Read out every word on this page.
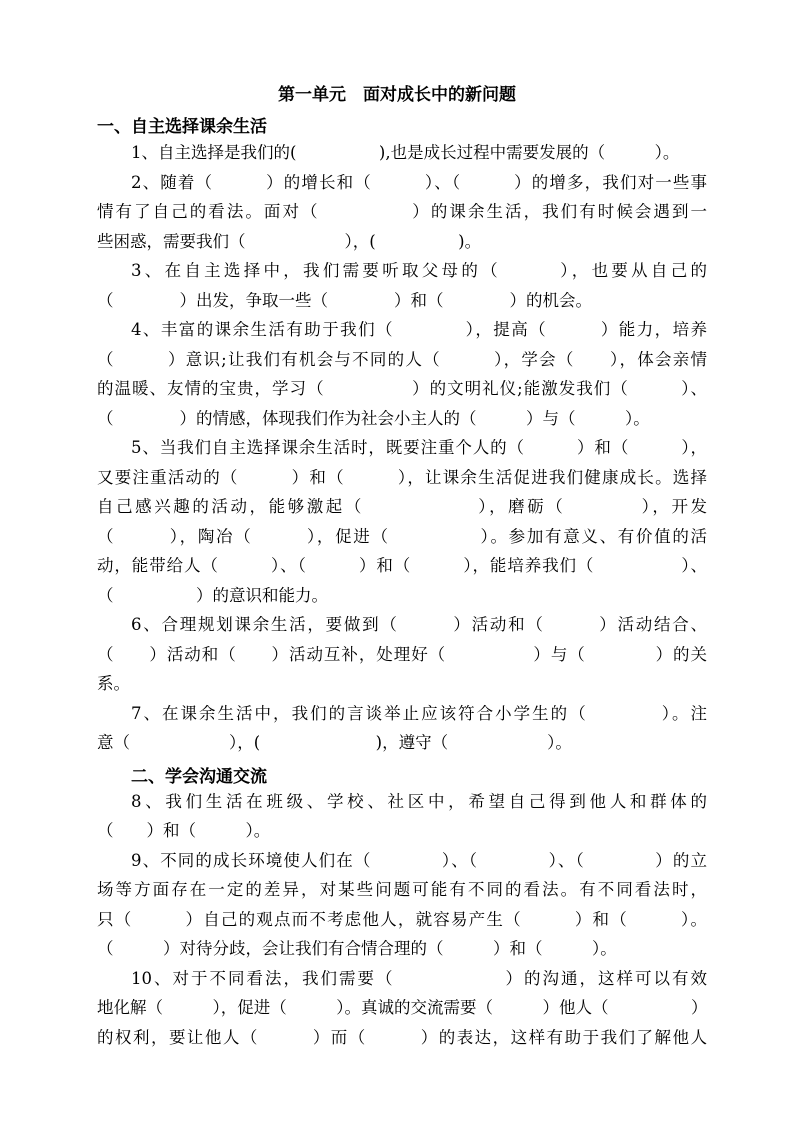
第一单元　面对成长中的新问题
一、自主选择课余生活
1、自主选择是我们的(　　　　　),也是成长过程中需要发展的（　　　）。
2、随着（　　　）的增长和（　　　）、（　　　）的增多，我们对一些事
情有了自己的看法。面对（　　　　　）的课余生活，我们有时候会遇到一
些困惑，需要我们（　　　　　　），(　　　　　)。
3、在自主选择中，我们需要听取父母的（　　　），也要从自己的
（　　　　）出发，争取一些（　　　　）和（　　　　）的机会。
4、丰富的课余生活有助于我们（　　　　），提高（　　　）能力，培养
（　　　）意识;让我们有机会与不同的人（　　　），学会（　　），体会亲情
的温暖、友情的宝贵，学习（　　　　　）的文明礼仪;能激发我们（　　　）、
（　　　　）的情感，体现我们作为社会小主人的（　　　）与（　　　）。
5、当我们自主选择课余生活时，既要注重个人的（　　　）和（　　　），
又要注重活动的（　　　）和（　　　），让课余生活促进我们健康成长。选择
自己感兴趣的活动，能够激起（　　　　　　），磨砺（　　　　），开发
（　　　），陶冶（　　　），促进（　　　　　）。参加有意义、有价值的活
动，能带给人（　　　）、（　　　）和（　　　），能培养我们（　　　　　）、
（　　　　　）的意识和能力。
6、合理规划课余生活，要做到（　　　）活动和（　　　）活动结合、
（　　）活动和（　　）活动互补，处理好（　　　　　）与（　　　　）的关
系。
7、在课余生活中，我们的言谈举止应该符合小学生的（　　　　）。注
意（　　　　　　），(　　　　　　　)，遵守（　　　　　　）。
二、学会沟通交流
8、我们生活在班级、学校、社区中，希望自己得到他人和群体的
（　　）和（　　　）。
9、不同的成长环境使人们在（　　　　）、（　　　　）、（　　　　）的立
场等方面存在一定的差异，对某些问题可能有不同的看法。有不同看法时，
只（　　　）自己的观点而不考虑他人，就容易产生（　　　）和（　　　）。
（　　　）对待分歧，会让我们有合情合理的（　　　）和（　　　）。
10、对于不同看法，我们需要（　　　　　　）的沟通，这样可以有效
地化解（　　　），促进（　　　）。真诚的交流需要（　　　）他人（　　　　　）
的权利，要让他人（　　　）而（　　　）的表达，这样有助于我们了解他人
